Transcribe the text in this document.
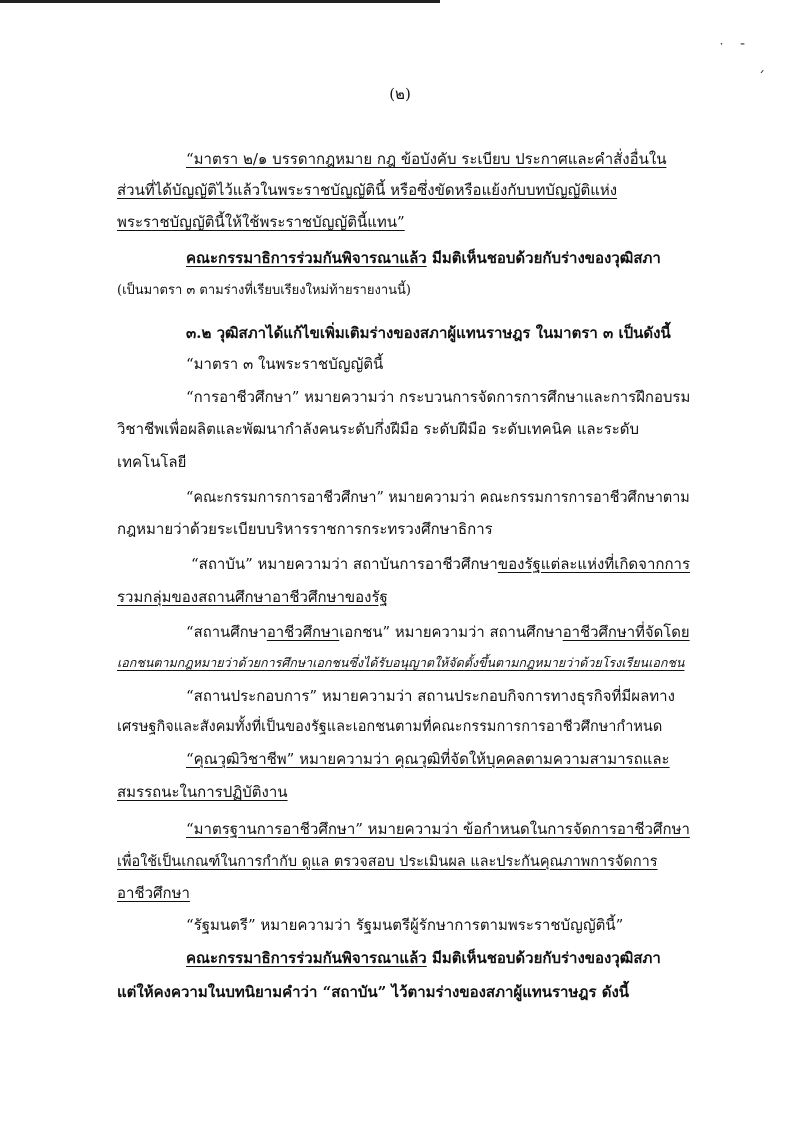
˙ ‑
ˊ
(๒)
“มาตรา ๒/๑ บรรดากฎหมาย กฎ ข้อบังคับ ระเบียบ ประกาศและคำสั่งอื่นใน
ส่วนที่ได้บัญญัติไว้แล้วในพระราชบัญญัตินี้ หรือซึ่งขัดหรือแย้งกับบทบัญญัติแห่ง
พระราชบัญญัตินี้ให้ใช้พระราชบัญญัตินี้แทน”
คณะกรรมาธิการร่วมกันพิจารณาแล้ว มีมติเห็นชอบด้วยกับร่างของวุฒิสภา
(เป็นมาตรา ๓ ตามร่างที่เรียบเรียงใหม่ท้ายรายงานนี้)
๓.๒ วุฒิสภาได้แก้ไขเพิ่มเติมร่างของสภาผู้แทนราษฎร ในมาตรา ๓ เป็นดังนี้
“มาตรา ๓ ในพระราชบัญญัตินี้
“การอาชีวศึกษา” หมายความว่า กระบวนการจัดการการศึกษาและการฝึกอบรม
วิชาชีพเพื่อผลิตและพัฒนากำลังคนระดับกึ่งฝีมือ ระดับฝีมือ ระดับเทคนิค และระดับ
เทคโนโลยี
“คณะกรรมการการอาชีวศึกษา” หมายความว่า คณะกรรมการการอาชีวศึกษาตาม
กฎหมายว่าด้วยระเบียบบริหารราชการกระทรวงศึกษาธิการ
“สถาบัน” หมายความว่า สถาบันการอาชีวศึกษาของรัฐแต่ละแห่งที่เกิดจากการ
รวมกลุ่มของสถานศึกษาอาชีวศึกษาของรัฐ
“สถานศึกษาอาชีวศึกษาเอกชน” หมายความว่า สถานศึกษาอาชีวศึกษาที่จัดโดย
เอกชนตามกฎหมายว่าด้วยการศึกษาเอกชนซึ่งได้รับอนุญาตให้จัดตั้งขึ้นตามกฎหมายว่าด้วยโรงเรียนเอกชน
“สถานประกอบการ” หมายความว่า สถานประกอบกิจการทางธุรกิจที่มีผลทาง
เศรษฐกิจและสังคมทั้งที่เป็นของรัฐและเอกชนตามที่คณะกรรมการการอาชีวศึกษากำหนด
“คุณวุฒิวิชาชีพ” หมายความว่า คุณวุฒิที่จัดให้บุคคลตามความสามารถและ
สมรรถนะในการปฏิบัติงาน
“มาตรฐานการอาชีวศึกษา” หมายความว่า ข้อกำหนดในการจัดการอาชีวศึกษา
เพื่อใช้เป็นเกณฑ์ในการกำกับ ดูแล ตรวจสอบ ประเมินผล และประกันคุณภาพการจัดการ
อาชีวศึกษา
“รัฐมนตรี” หมายความว่า รัฐมนตรีผู้รักษาการตามพระราชบัญญัตินี้”
คณะกรรมาธิการร่วมกันพิจารณาแล้ว มีมติเห็นชอบด้วยกับร่างของวุฒิสภา
แต่ให้คงความในบทนิยามคำว่า “สถาบัน” ไว้ตามร่างของสภาผู้แทนราษฎร ดังนี้
